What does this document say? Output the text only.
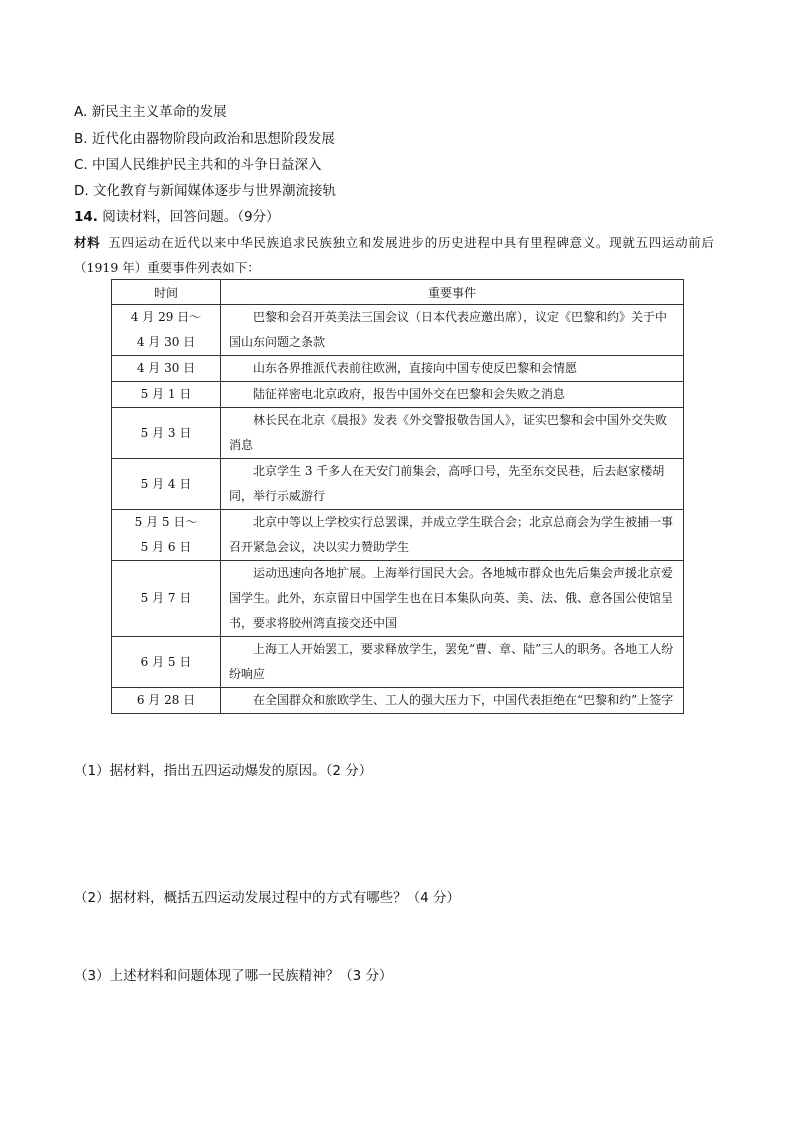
A. 新民主主义革命的发展
B. 近代化由器物阶段向政治和思想阶段发展
C. 中国人民维护民主共和的斗争日益深入
D. 文化教育与新闻媒体逐步与世界潮流接轨
14. 阅读材料，回答问题。（9分）
材料 五四运动在近代以来中华民族追求民族独立和发展进步的历史进程中具有里程碑意义。现就五四运动前后（1919 年）重要事件列表如下：
时间	重要事件
4 月 29 日～
4 月 30 日	巴黎和会召开英美法三国会议（日本代表应邀出席），议定《巴黎和约》关于中国山东问题之条款
4 月 30 日	山东各界推派代表前往欧洲，直接向中国专使反巴黎和会情愿
5 月 1 日	陆征祥密电北京政府，报告中国外交在巴黎和会失败之消息
5 月 3 日	林长民在北京《晨报》发表《外交警报敬告国人》，证实巴黎和会中国外交失败消息
5 月 4 日	北京学生 3 千多人在天安门前集会，高呼口号，先至东交民巷，后去赵家楼胡同，举行示威游行
5 月 5 日～
5 月 6 日	北京中等以上学校实行总罢课，并成立学生联合会；北京总商会为学生被捕一事召开紧急会议，决以实力赞助学生
5 月 7 日	运动迅速向各地扩展。上海举行国民大会。各地城市群众也先后集会声援北京爱国学生。此外，东京留日中国学生也在日本集队向英、美、法、俄、意各国公使馆呈书，要求将胶州湾直接交还中国
6 月 5 日	上海工人开始罢工，要求释放学生，罢免“曹、章、陆”三人的职务。各地工人纷纷响应
6 月 28 日	在全国群众和旅欧学生、工人的强大压力下，中国代表拒绝在“巴黎和约”上签字
（1）据材料，指出五四运动爆发的原因。（2 分）
（2）据材料，概括五四运动发展过程中的方式有哪些？（4 分）
（3）上述材料和问题体现了哪一民族精神？（3 分）
